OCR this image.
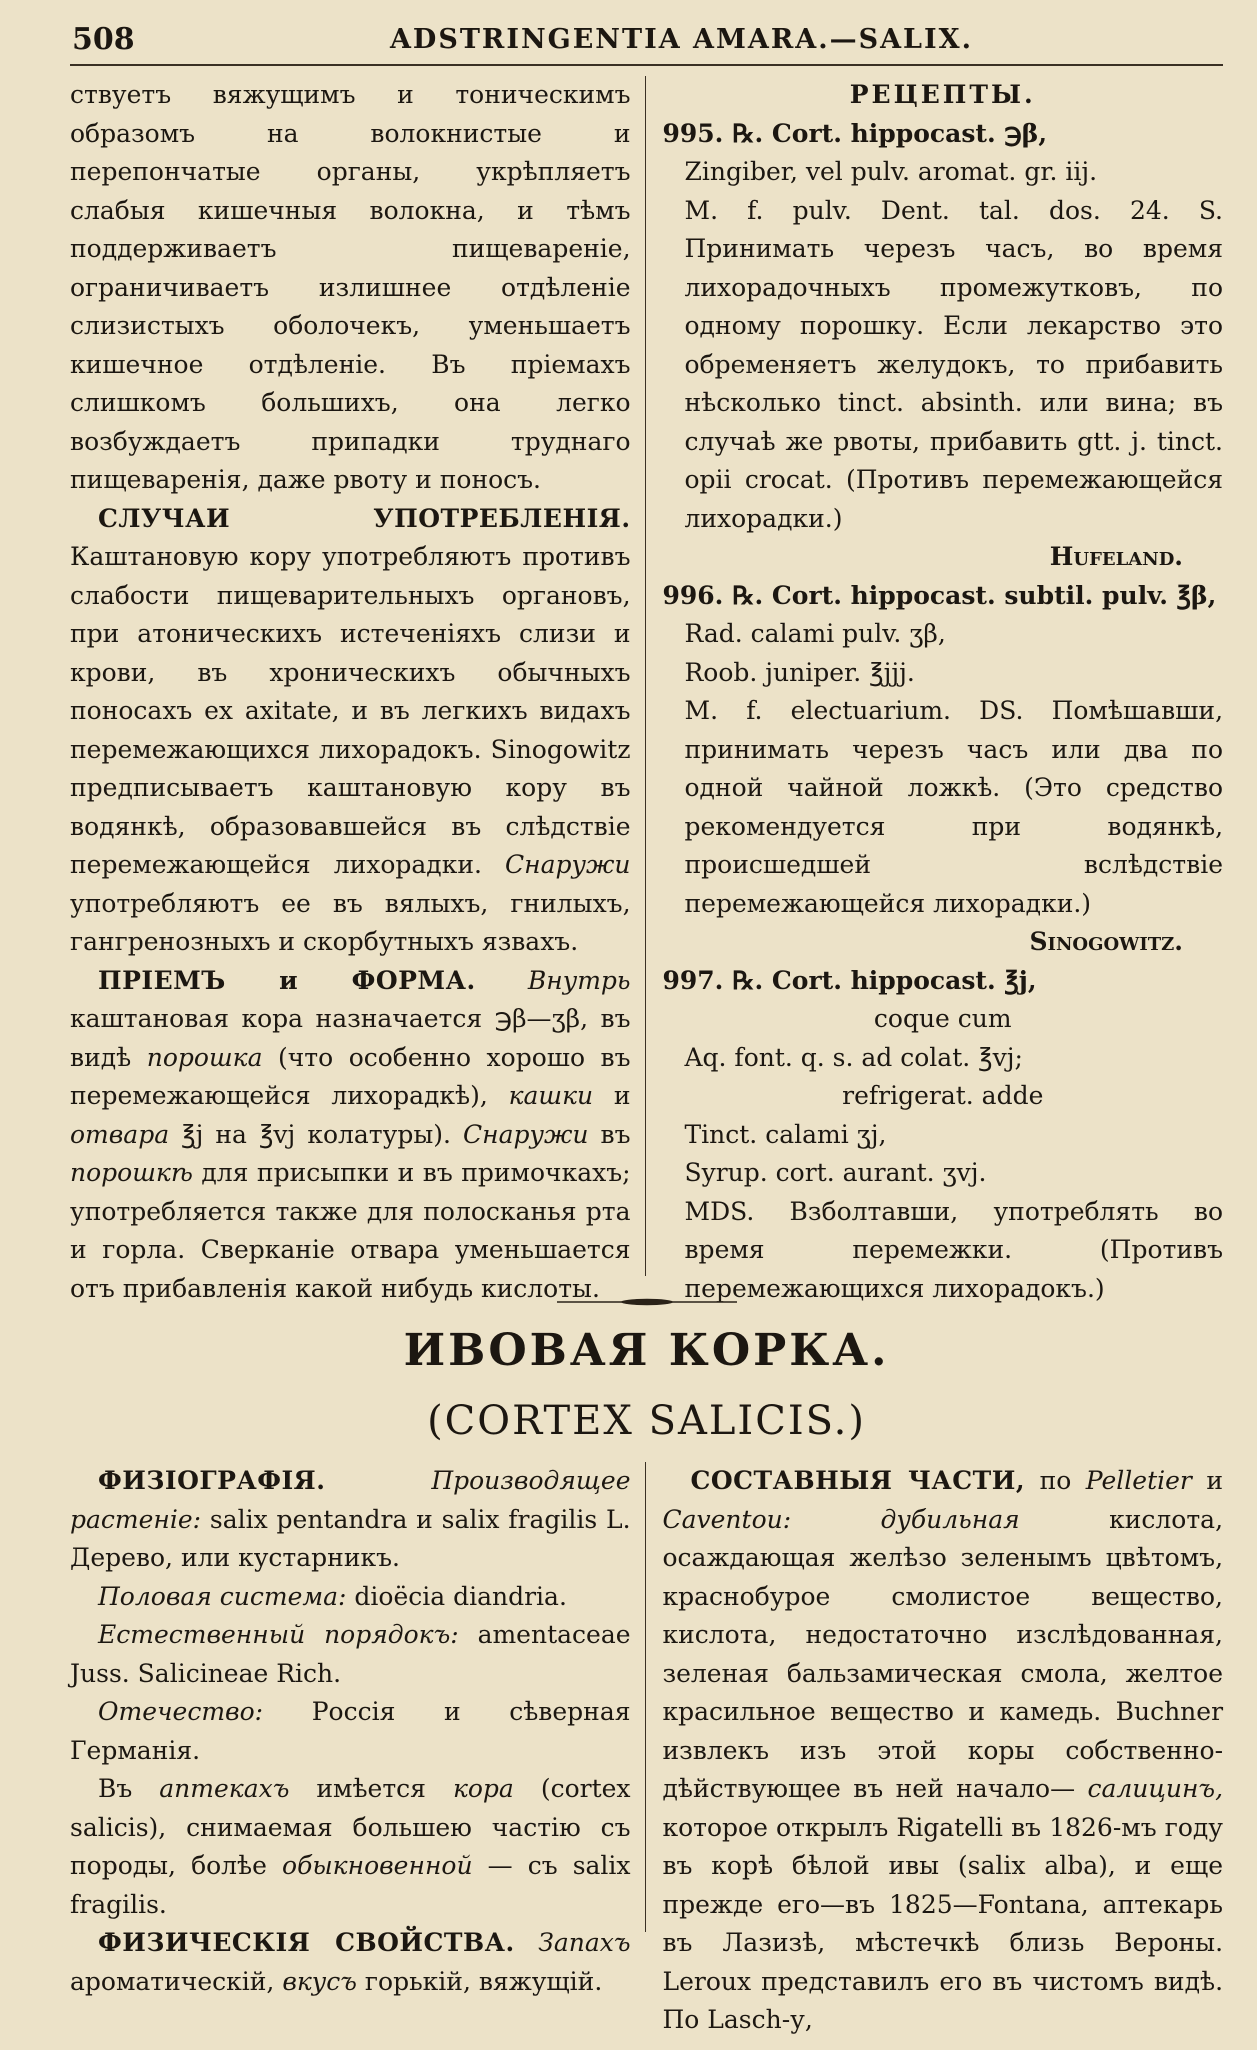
508	ADSTRINGENTIA AMARA.—SALIX.

ствуетъ вяжущимъ и тоническимъ образомъ на волокнистые и перепончатые органы, укрѣпляетъ слабыя кишечныя волокна, и тѣмъ поддерживаетъ пищевареніе, ограничиваетъ излишнее отдѣленіе слизистыхъ оболочекъ, уменьшаетъ кишечное отдѣленіе. Въ пріемахъ слишкомъ большихъ, она легко возбуждаетъ припадки труднаго пищеваренія, даже рвоту и поносъ.

СЛУЧАИ УПОТРЕБЛЕНІЯ. Каштановую кору употребляютъ противъ слабости пищеварительныхъ органовъ, при атоническихъ истеченіяхъ слизи и крови, въ хроническихъ обычныхъ поносахъ ex axitate, и въ легкихъ видахъ перемежающихся лихорадокъ. Sinogowitz предписываетъ каштановую кору въ водянкѣ, образовавшейся въ слѣдствіе перемежающейся лихорадки. Снаружи употребляютъ ее въ вялыхъ, гнилыхъ, гангренозныхъ и скорбутныхъ язвахъ.

ПРІЕМЪ и ФОРМА. Внутрь каштановая кора назначается ℈β—ʒβ, въ видѣ порошка (что особенно хорошо въ перемежающейся лихорадкѣ), кашки и отвара ℥j на ℥vj колатуры). Снаружи въ порошкѣ для присыпки и въ примочкахъ; употребляется также для полосканья рта и горла. Сверканіе отвара уменьшается отъ прибавленія какой нибудь кислоты.

РЕЦЕПТЫ.

995. ℞. Cort. hippocast. ℈β,

Zingiber, vel pulv. aromat. gr. iij.

M. f. pulv. Dent. tal. dos. 24. S. Принимать черезъ часъ, во время лихорадочныхъ промежутковъ, по одному порошку. Если лекарство это обременяетъ желудокъ, то прибавить нѣсколько tinct. absinth. или вина; въ случаѣ же рвоты, прибавить gtt. j. tinct. opii crocat. (Противъ перемежающейся лихорадки.)

Hufeland.

996. ℞. Cort. hippocast. subtil. pulv. ℥β,

Rad. calami pulv. ʒβ,

Roob. juniper. ℥jjj.

M. f. electuarium. DS. Помѣшавши, принимать черезъ часъ или два по одной чайной ложкѣ. (Это средство рекомендуется при водянкѣ, происшедшей вслѣдствіе перемежающейся лихорадки.)

Sinogowitz.

997. ℞. Cort. hippocast. ℥j,

coque cum

Aq. font. q. s. ad colat. ℥vj;

refrigerat. adde

Tinct. calami ʒj,

Syrup. cort. aurant. ʒvj.

MDS. Взболтавши, употреблять во время перемежки. (Противъ перемежающихся лихорадокъ.)

ИВОВАЯ КОРКА.
(CORTEX SALICIS.)

ФИЗІОГРАФІЯ.	Производящее растеніе: salix pentandra и salix fragilis L. Дерево, или кустарникъ.

Половая система: dioëcia diandria.

Естественный порядокъ: amentaceae Juss. Salicineae Rich.

Отечество: Россія и сѣверная Германія.

Въ аптекахъ имѣется кора (cortex salicis), снимаемая большею частію съ породы, болѣе обыкновенной — съ salix fragilis.

ФИЗИЧЕСКІЯ СВОЙСТВА. Запахъ ароматическій, вкусъ горькій, вяжущій.

СОСТАВНЫЯ ЧАСТИ, по Pelletier и Caventou: дубильная	кислота, осаждающая желѣзо зеленымъ цвѣтомъ, краснобурое смолистое вещество, кислота, недостаточно изслѣдованная, зеленая бальзамическая смола, желтое красильное вещество и камедь. Buchner извлекъ изъ этой коры собственно-дѣйствующее въ ней начало— салицинъ, которое открылъ Rigatelli въ 1826-мъ году въ корѣ бѣлой ивы (salix alba), и еще прежде его—въ 1825—Fontana, аптекарь въ Лазизѣ, мѣстечкѣ близь Вероны. Leroux представилъ его въ чистомъ видѣ. По Lasch-у,
